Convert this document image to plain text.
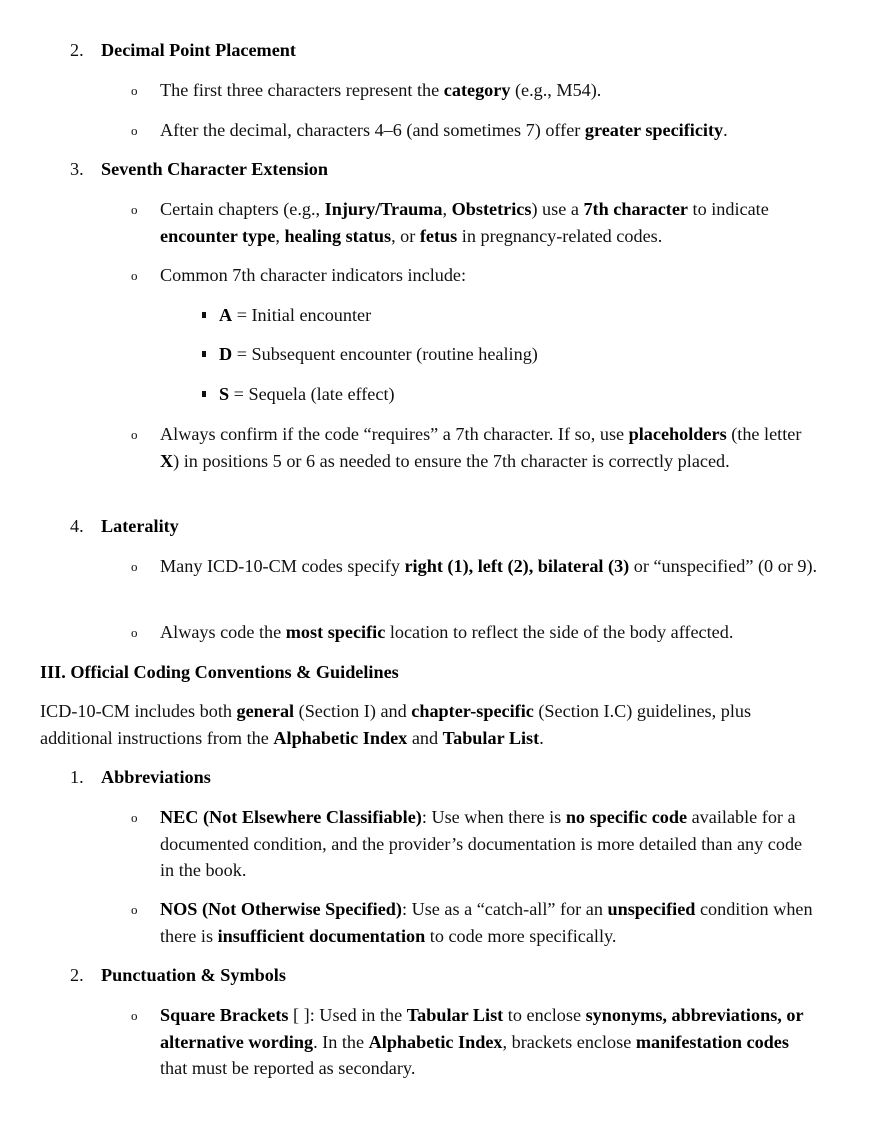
2. Decimal Point Placement
o The first three characters represent the category (e.g., M54).
o After the decimal, characters 4–6 (and sometimes 7) offer greater specificity.
3. Seventh Character Extension
o Certain chapters (e.g., Injury/Trauma, Obstetrics) use a 7th character to indicate encounter type, healing status, or fetus in pregnancy-related codes.
o Common 7th character indicators include:
A = Initial encounter
D = Subsequent encounter (routine healing)
S = Sequela (late effect)
o Always confirm if the code “requires” a 7th character. If so, use placeholders (the letter X) in positions 5 or 6 as needed to ensure the 7th character is correctly placed.
4. Laterality
o Many ICD-10-CM codes specify right (1), left (2), bilateral (3) or “unspecified” (0 or 9).
o Always code the most specific location to reflect the side of the body affected.
III. Official Coding Conventions & Guidelines
ICD-10-CM includes both general (Section I) and chapter-specific (Section I.C) guidelines, plus additional instructions from the Alphabetic Index and Tabular List.
1. Abbreviations
o NEC (Not Elsewhere Classifiable): Use when there is no specific code available for a documented condition, and the provider’s documentation is more detailed than any code in the book.
o NOS (Not Otherwise Specified): Use as a “catch-all” for an unspecified condition when there is insufficient documentation to code more specifically.
2. Punctuation & Symbols
o Square Brackets [ ]: Used in the Tabular List to enclose synonyms, abbreviations, or alternative wording. In the Alphabetic Index, brackets enclose manifestation codes that must be reported as secondary.
